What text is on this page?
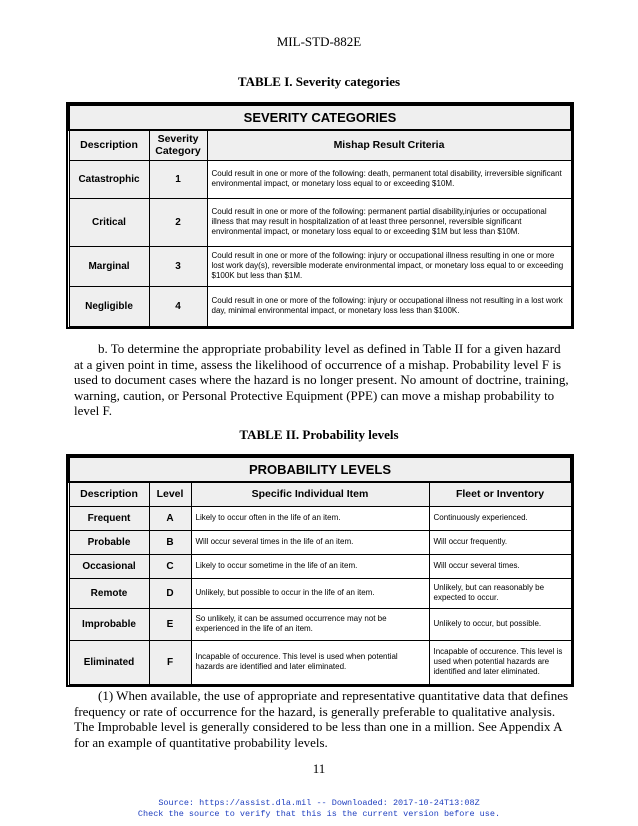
MIL-STD-882E
TABLE I. Severity categories
SEVERITY CATEGORIES		
Description	Severity Category	Mishap Result Criteria
Catastrophic	1	Could result in one or more of the following: death, permanent total disability, irreversible significant environmental impact, or monetary loss equal to or exceeding $10M.
Critical	2	Could result in one or more of the following: permanent partial disability,injuries or occupational illness that may result in hospitalization of at least three personnel, reversible significant environmental impact, or monetary loss equal to or exceeding $1M but less than $10M.
Marginal	3	Could result in one or more of the following: injury or occupational illness resulting in one or more lost work day(s), reversible moderate environmental impact, or monetary loss equal to or exceeding $100K but less than $1M.
Negligible	4	Could result in one or more of the following: injury or occupational illness not resulting in a lost work day, minimal environmental impact, or monetary loss less than $100K.
b. To determine the appropriate probability level as defined in Table II for a given hazard at a given point in time, assess the likelihood of occurrence of a mishap. Probability level F is used to document cases where the hazard is no longer present. No amount of doctrine, training, warning, caution, or Personal Protective Equipment (PPE) can move a mishap probability to level F.
TABLE II. Probability levels
PROBABILITY LEVELS			
Description	Level	Specific Individual Item	Fleet or Inventory
Frequent	A	Likely to occur often in the life of an item.	Continuously experienced.
Probable	B	Will occur several times in the life of an item.	Will occur frequently.
Occasional	C	Likely to occur sometime in the life of an item.	Will occur several times.
Remote	D	Unlikely, but possible to occur in the life of an item.	Unlikely, but can reasonably be expected to occur.
Improbable	E	So unlikely, it can be assumed occurrence may not be experienced in the life of an item.	Unlikely to occur, but possible.
Eliminated	F	Incapable of occurence. This level is used when potential hazards are identified and later eliminated.	Incapable of occurence. This level is used when potential hazards are identified and later eliminated.
(1) When available, the use of appropriate and representative quantitative data that defines frequency or rate of occurrence for the hazard, is generally preferable to qualitative analysis. The Improbable level is generally considered to be less than one in a million. See Appendix A for an example of quantitative probability levels.
11
Source: https://assist.dla.mil -- Downloaded: 2017-10-24T13:08Z
Check the source to verify that this is the current version before use.
